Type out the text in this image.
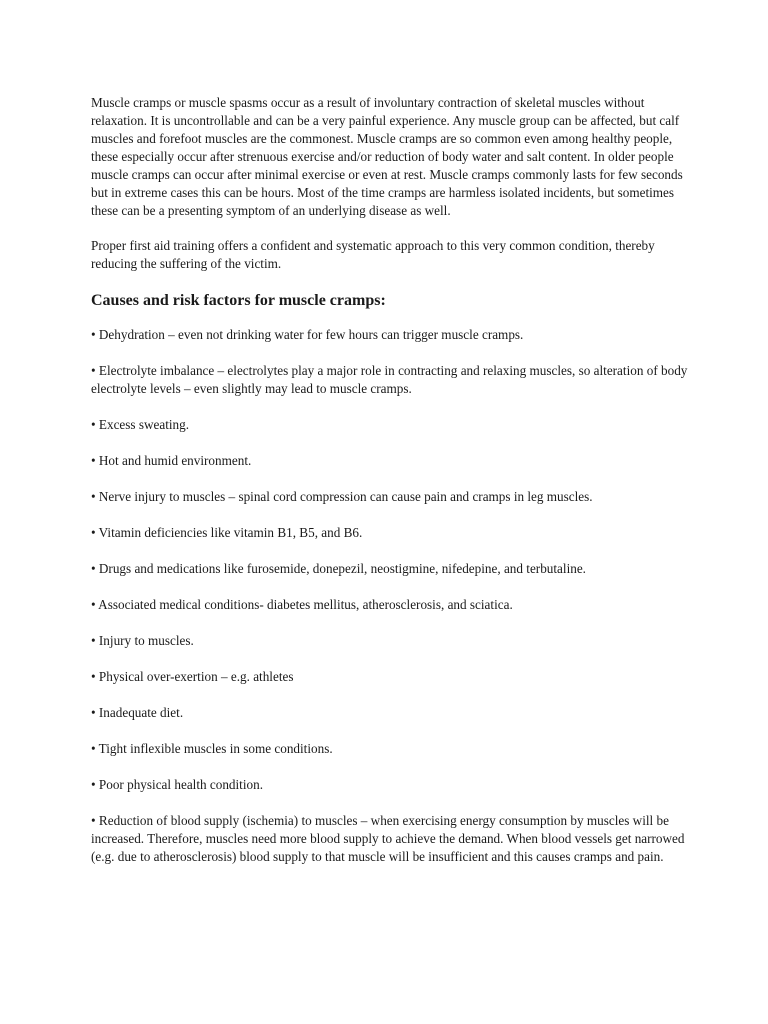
Muscle cramps or muscle spasms occur as a result of involuntary contraction of skeletal muscles without relaxation. It is uncontrollable and can be a very painful experience. Any muscle group can be affected, but calf muscles and forefoot muscles are the commonest. Muscle cramps are so common even among healthy people, these especially occur after strenuous exercise and/or reduction of body water and salt content. In older people muscle cramps can occur after minimal exercise or even at rest. Muscle cramps commonly lasts for few seconds but in extreme cases this can be hours. Most of the time cramps are harmless isolated incidents, but sometimes these can be a presenting symptom of an underlying disease as well.

Proper first aid training offers a confident and systematic approach to this very common condition, thereby reducing the suffering of the victim.

Causes and risk factors for muscle cramps:

• Dehydration – even not drinking water for few hours can trigger muscle cramps.

• Electrolyte imbalance – electrolytes play a major role in contracting and relaxing muscles, so alteration of body electrolyte levels – even slightly may lead to muscle cramps.

• Excess sweating.

• Hot and humid environment.

• Nerve injury to muscles – spinal cord compression can cause pain and cramps in leg muscles.

• Vitamin deficiencies like vitamin B1, B5, and B6.

• Drugs and medications like furosemide, donepezil, neostigmine, nifedepine, and terbutaline.

• Associated medical conditions- diabetes mellitus, atherosclerosis, and sciatica.

• Injury to muscles.

• Physical over-exertion – e.g. athletes

• Inadequate diet.

• Tight inflexible muscles in some conditions.

• Poor physical health condition.

• Reduction of blood supply (ischemia) to muscles – when exercising energy consumption by muscles will be increased. Therefore, muscles need more blood supply to achieve the demand. When blood vessels get narrowed (e.g. due to atherosclerosis) blood supply to that muscle will be insufficient and this causes cramps and pain.
